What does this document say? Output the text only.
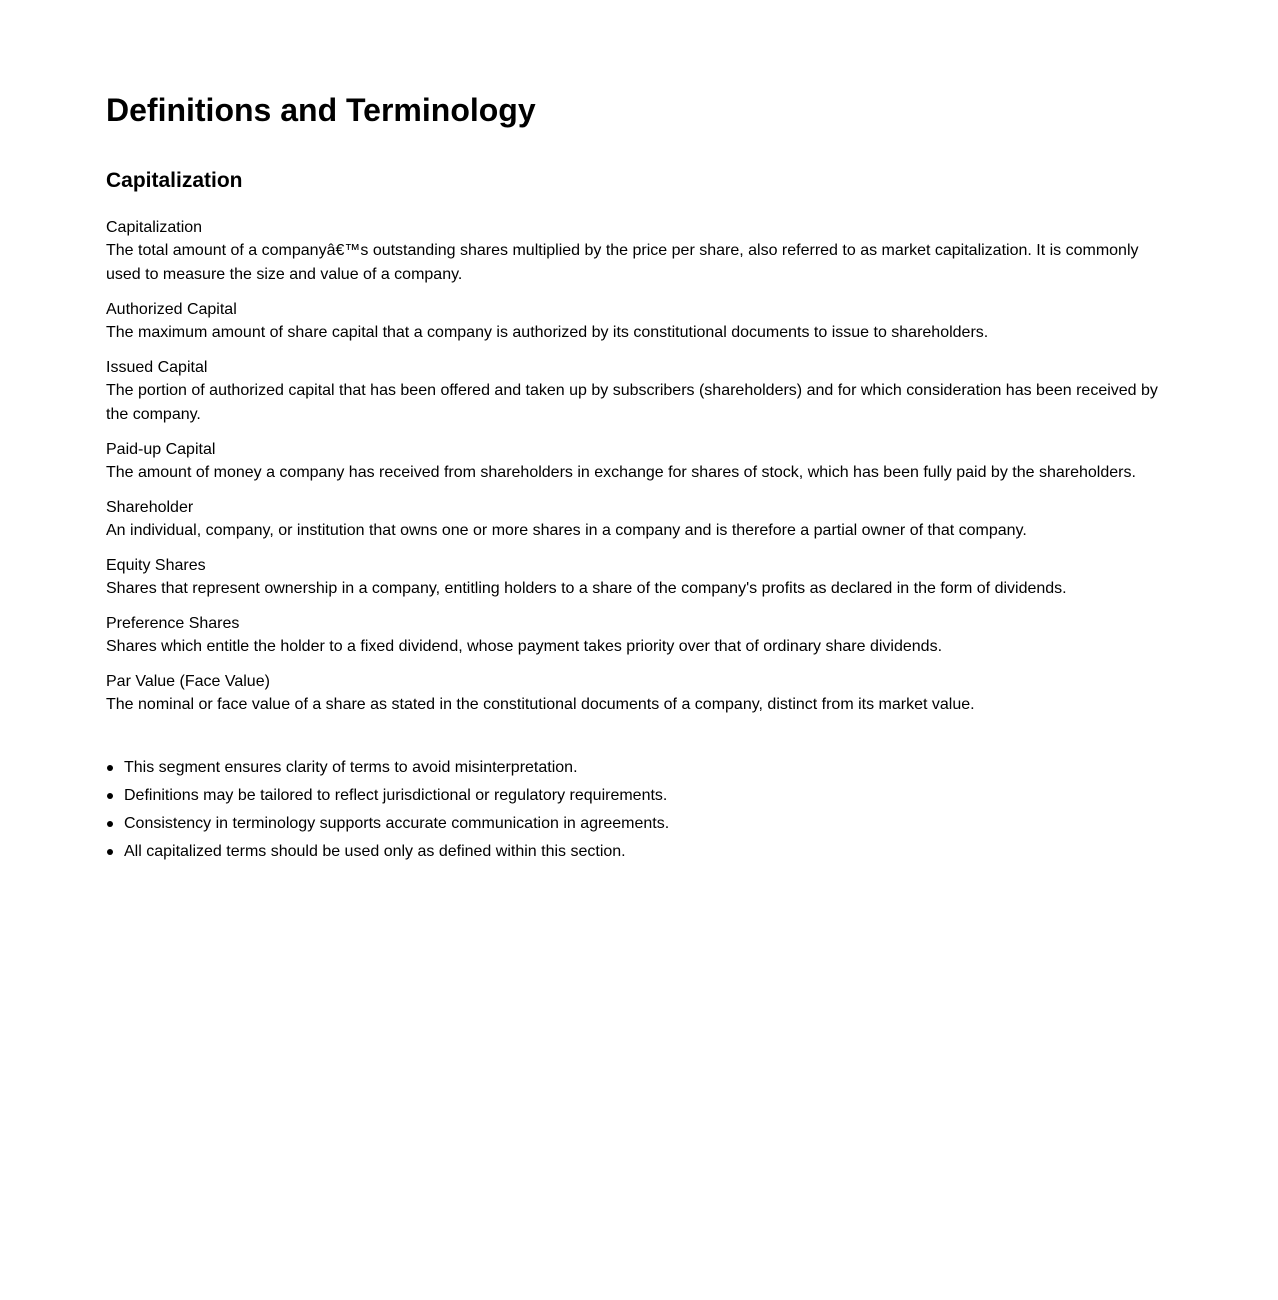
Definitions and Terminology
Capitalization
Capitalization
The total amount of a companyâ€™s outstanding shares multiplied by the price per share, also referred to as market capitalization. It is commonly used to measure the size and value of a company.
Authorized Capital
The maximum amount of share capital that a company is authorized by its constitutional documents to issue to shareholders.
Issued Capital
The portion of authorized capital that has been offered and taken up by subscribers (shareholders) and for which consideration has been received by the company.
Paid-up Capital
The amount of money a company has received from shareholders in exchange for shares of stock, which has been fully paid by the shareholders.
Shareholder
An individual, company, or institution that owns one or more shares in a company and is therefore a partial owner of that company.
Equity Shares
Shares that represent ownership in a company, entitling holders to a share of the company's profits as declared in the form of dividends.
Preference Shares
Shares which entitle the holder to a fixed dividend, whose payment takes priority over that of ordinary share dividends.
Par Value (Face Value)
The nominal or face value of a share as stated in the constitutional documents of a company, distinct from its market value.
This segment ensures clarity of terms to avoid misinterpretation.
Definitions may be tailored to reflect jurisdictional or regulatory requirements.
Consistency in terminology supports accurate communication in agreements.
All capitalized terms should be used only as defined within this section.
